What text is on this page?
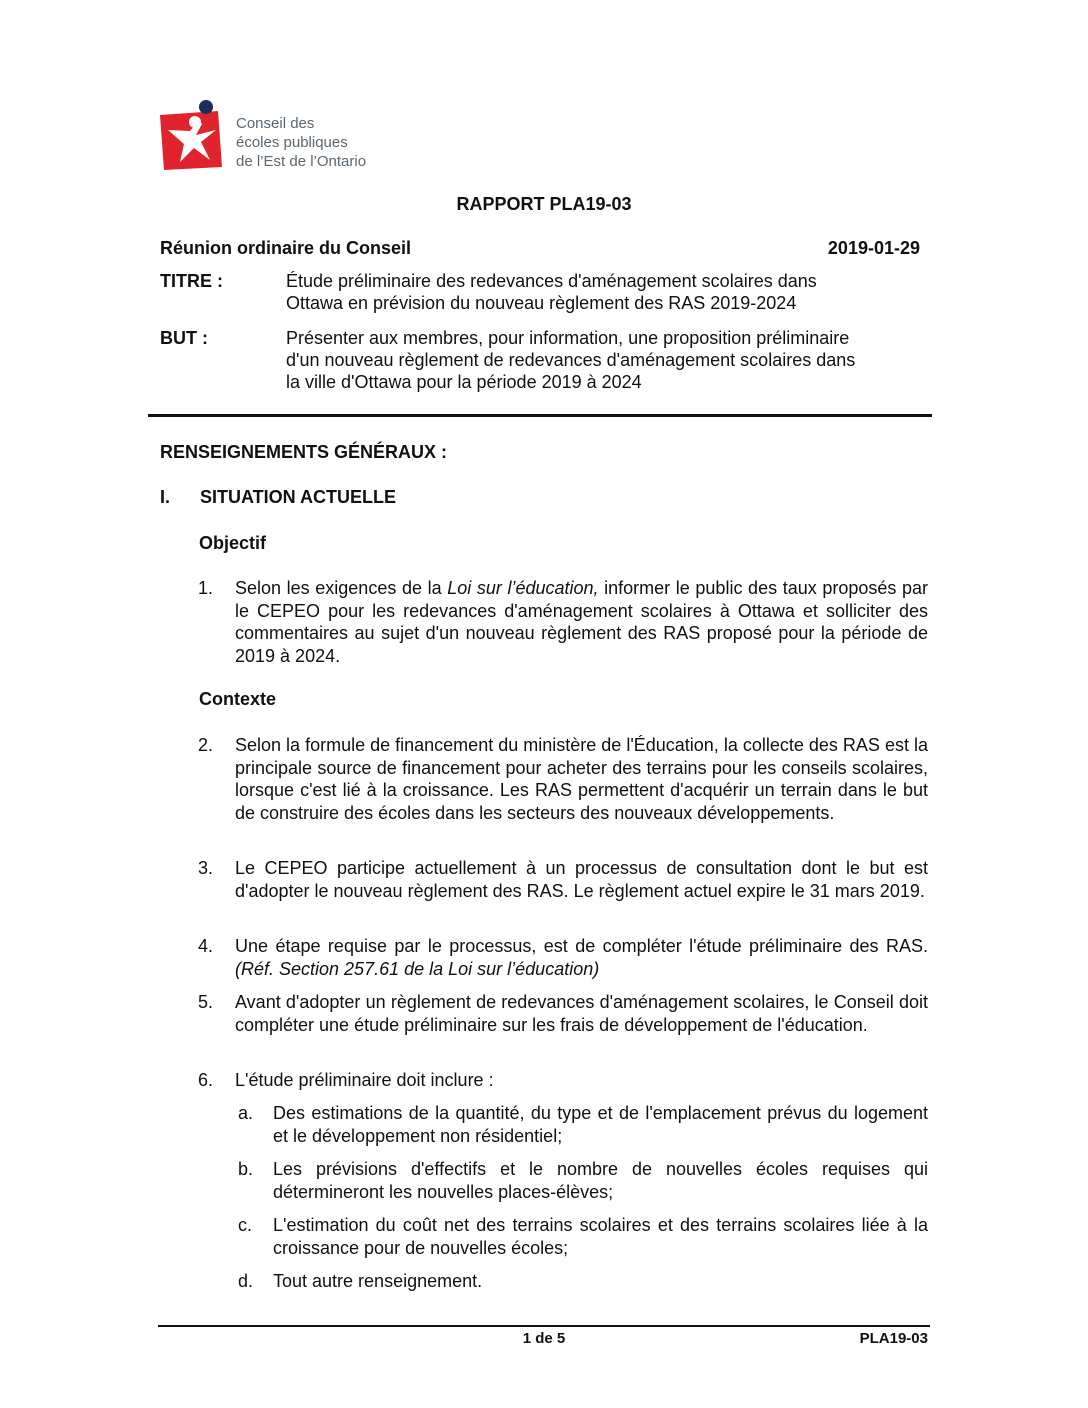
Conseil des
écoles publiques
de l’Est de l’Ontario
RAPPORT PLA19-03
Réunion ordinaire du Conseil	2019-01-29
TITRE :	Étude préliminaire des redevances d'aménagement scolaires dans
Ottawa en prévision du nouveau règlement des RAS 2019-2024
BUT :	Présenter aux membres, pour information, une proposition préliminaire
d'un nouveau règlement de redevances d'aménagement scolaires dans
la ville d'Ottawa pour la période 2019 à 2024
RENSEIGNEMENTS GÉNÉRAUX :
I. SITUATION ACTUELLE
Objectif
1. Selon les exigences de la Loi sur l’éducation, informer le public des taux proposés par le CEPEO pour les redevances d'aménagement scolaires à Ottawa et solliciter des commentaires au sujet d'un nouveau règlement des RAS proposé pour la période de 2019 à 2024.
Contexte
2. Selon la formule de financement du ministère de l'Éducation, la collecte des RAS est la principale source de financement pour acheter des terrains pour les conseils scolaires, lorsque c'est lié à la croissance. Les RAS permettent d'acquérir un terrain dans le but de construire des écoles dans les secteurs des nouveaux développements.
3. Le CEPEO participe actuellement à un processus de consultation dont le but est d'adopter le nouveau règlement des RAS. Le règlement actuel expire le 31 mars 2019.
4. Une étape requise par le processus, est de compléter l'étude préliminaire des RAS. (Réf. Section 257.61 de la Loi sur l’éducation)
5. Avant d'adopter un règlement de redevances d'aménagement scolaires, le Conseil doit compléter une étude préliminaire sur les frais de développement de l'éducation.
6. L'étude préliminaire doit inclure :
a. Des estimations de la quantité, du type et de l'emplacement prévus du logement et le développement non résidentiel;
b. Les prévisions d'effectifs et le nombre de nouvelles écoles requises qui détermineront les nouvelles places-élèves;
c. L'estimation du coût net des terrains scolaires et des terrains scolaires liée à la croissance pour de nouvelles écoles;
d. Tout autre renseignement.
1 de 5	PLA19-03
